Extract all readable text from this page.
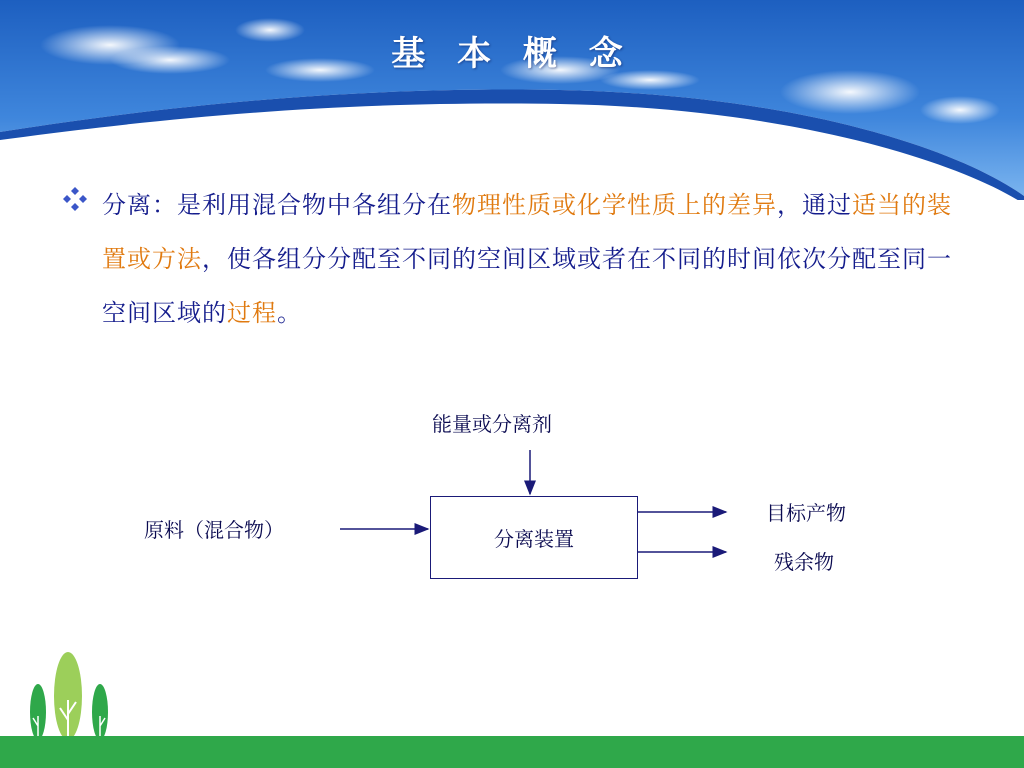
基 本 概 念
分离：是利用混合物中各组分在物理性质或化学性质上的差异，通过适当的装置或方法，使各组分分配至不同的空间区域或者在不同的时间依次分配至同一空间区域的过程。
能量或分离剂
原料（混合物）	分离装置
目标产物
残余物
